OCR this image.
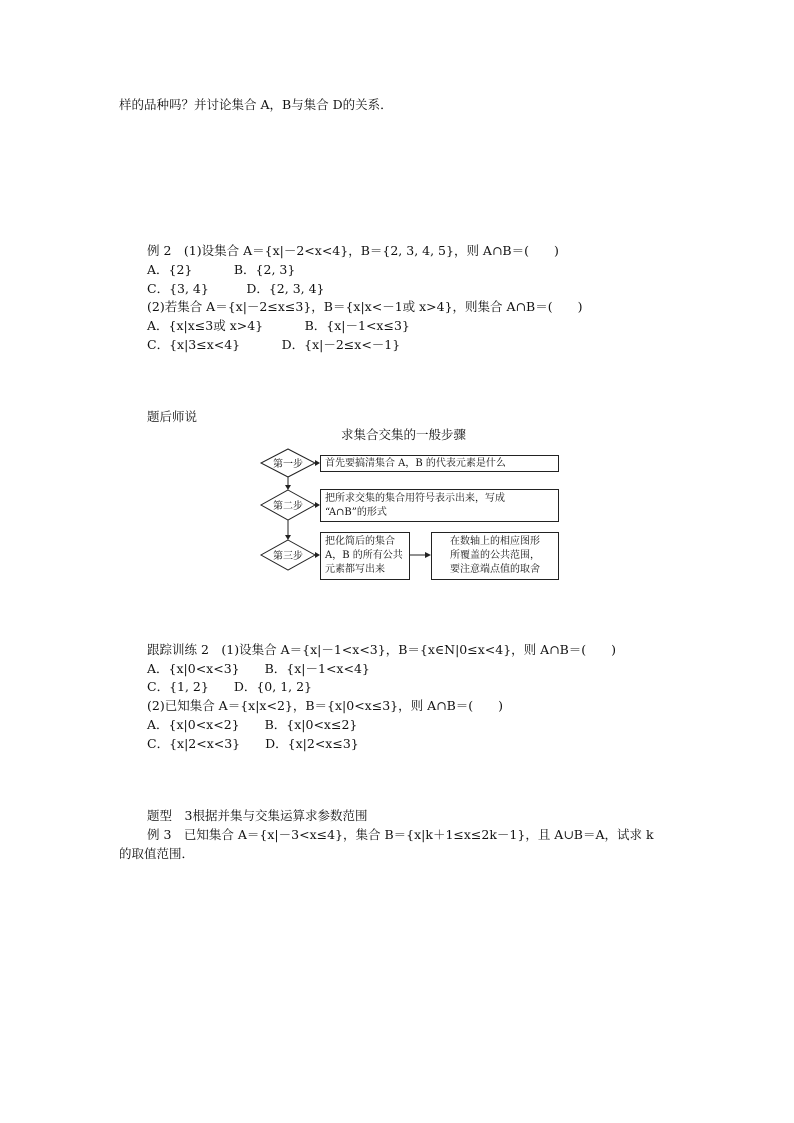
样的品种吗？并讨论集合 A，B与集合 D的关系．
例 2　(1)设集合 A＝{x|－2<x<4}，B＝{2, 3, 4, 5}，则 A∩B＝(　　)
A．{2}　　　 B．{2, 3}
C．{3, 4}　　　D．{2, 3, 4}
(2)若集合 A＝{x|－2≤x≤3}，B＝{x|x<－1或 x>4}，则集合 A∩B＝(　　)
A．{x|x≤3或 x>4}　　　 B．{x|－1<x≤3}
C．{x|3≤x<4}　　　 D．{x|－2≤x<－1}
题后师说
求集合交集的一般步骤
第一步
第二步
第三步
首先要搞清集合 A，B 的代表元素是什么
把所求交集的集合用符号表示出来，写成
“A∩B”的形式
把化简后的集合
A，B 的所有公共
元素都写出来
在数轴上的相应图形
所覆盖的公共范围，
要注意端点值的取舍
跟踪训练 2　(1)设集合 A＝{x|－1<x<3}，B＝{x∈N|0≤x<4}，则 A∩B＝(　　)
A．{x|0<x<3}　　B．{x|－1<x<4}
C．{1, 2}　　D．{0, 1, 2}
(2)已知集合 A＝{x|x<2}，B＝{x|0<x≤3}，则 A∩B＝(　　)
A．{x|0<x<2}　　B．{x|0<x≤2}
C．{x|2<x<3}　　D．{x|2<x≤3}
题型　3根据并集与交集运算求参数范围
例 3　已知集合 A＝{x|－3<x≤4}，集合 B＝{x|k＋1≤x≤2k－1}，且 A∪B＝A，试求 k
的取值范围．
